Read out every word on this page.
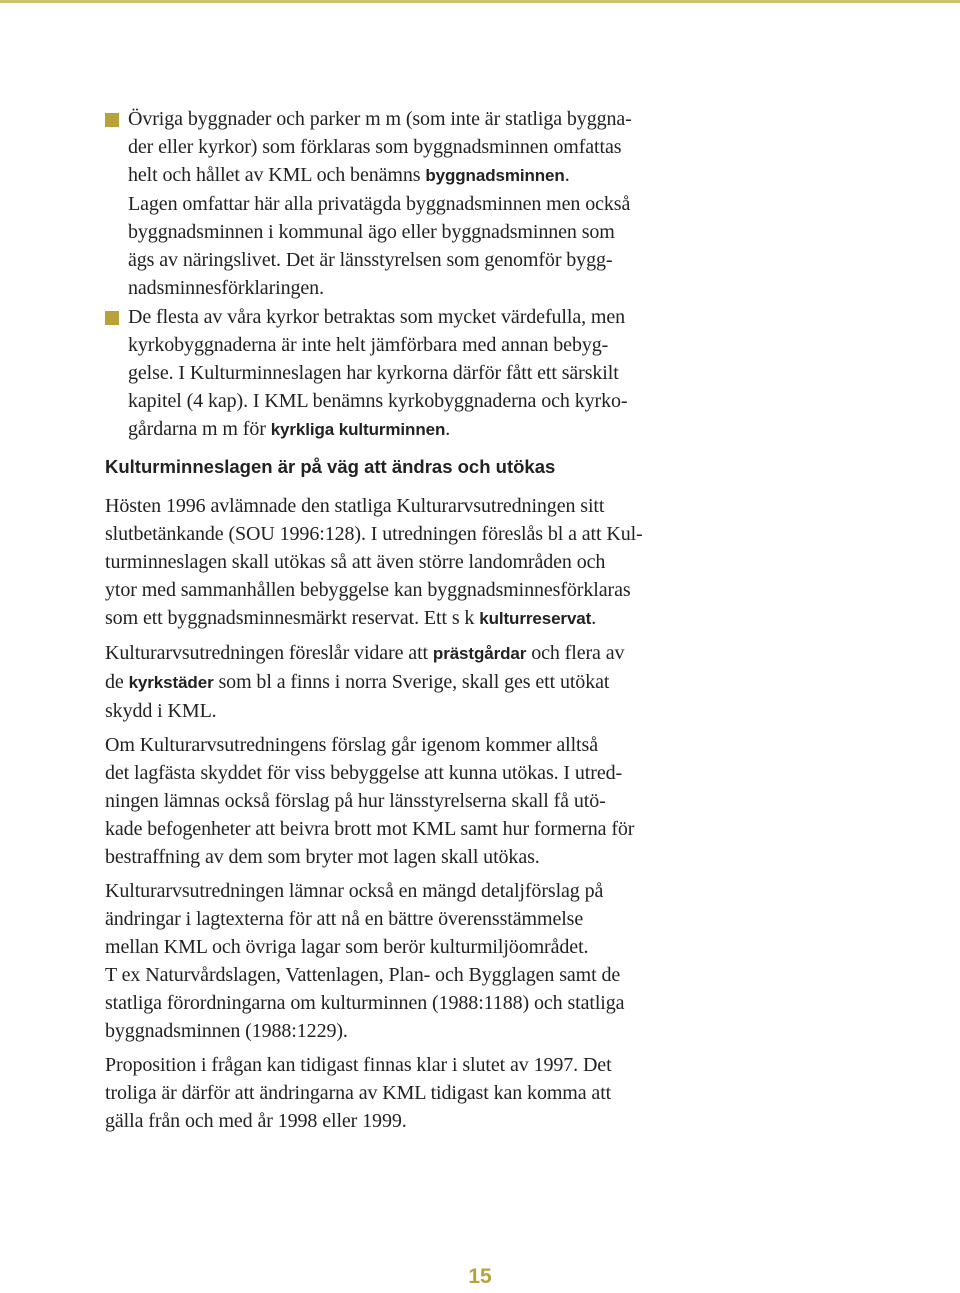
Övriga byggnader och parker m m (som inte är statliga byggna-
der eller kyrkor) som förklaras som byggnadsminnen omfattas
helt och hållet av KML och benämns byggnadsminnen.
Lagen omfattar här alla privatägda byggnadsminnen men också
byggnadsminnen i kommunal ägo eller byggnadsminnen som
ägs av näringslivet. Det är länsstyrelsen som genomför bygg-
nadsminnesförklaringen.
De flesta av våra kyrkor betraktas som mycket värdefulla, men
kyrkobyggnaderna är inte helt jämförbara med annan bebyg-
gelse. I Kulturminneslagen har kyrkorna därför fått ett särskilt
kapitel (4 kap). I KML benämns kyrkobyggnaderna och kyrko-
gårdarna m m för kyrkliga kulturminnen.
Kulturminneslagen är på väg att ändras och utökas
Hösten 1996 avlämnade den statliga Kulturarvsutredningen sitt
slutbetänkande (SOU 1996:128). I utredningen föreslås bl a att Kul-
turminneslagen skall utökas så att även större landområden och
ytor med sammanhållen bebyggelse kan byggnadsminnesförklaras
som ett byggnadsminnesmärkt reservat. Ett s k kulturreservat.
Kulturarvsutredningen föreslår vidare att prästgårdar och flera av
de kyrkstäder som bl a finns i norra Sverige, skall ges ett utökat
skydd i KML.
Om Kulturarvsutredningens förslag går igenom kommer alltså
det lagfästa skyddet för viss bebyggelse att kunna utökas. I utred-
ningen lämnas också förslag på hur länsstyrelserna skall få utö-
kade befogenheter att beivra brott mot KML samt hur formerna för
bestraffning av dem som bryter mot lagen skall utökas.
Kulturarvsutredningen lämnar också en mängd detaljförslag på
ändringar i lagtexterna för att nå en bättre överensstämmelse
mellan KML och övriga lagar som berör kulturmiljöområdet.
T ex Naturvårdslagen, Vattenlagen, Plan- och Bygglagen samt de
statliga förordningarna om kulturminnen (1988:1188) och statliga
byggnadsminnen (1988:1229).
Proposition i frågan kan tidigast finnas klar i slutet av 1997. Det
troliga är därför att ändringarna av KML tidigast kan komma att
gälla från och med år 1998 eller 1999.
15
